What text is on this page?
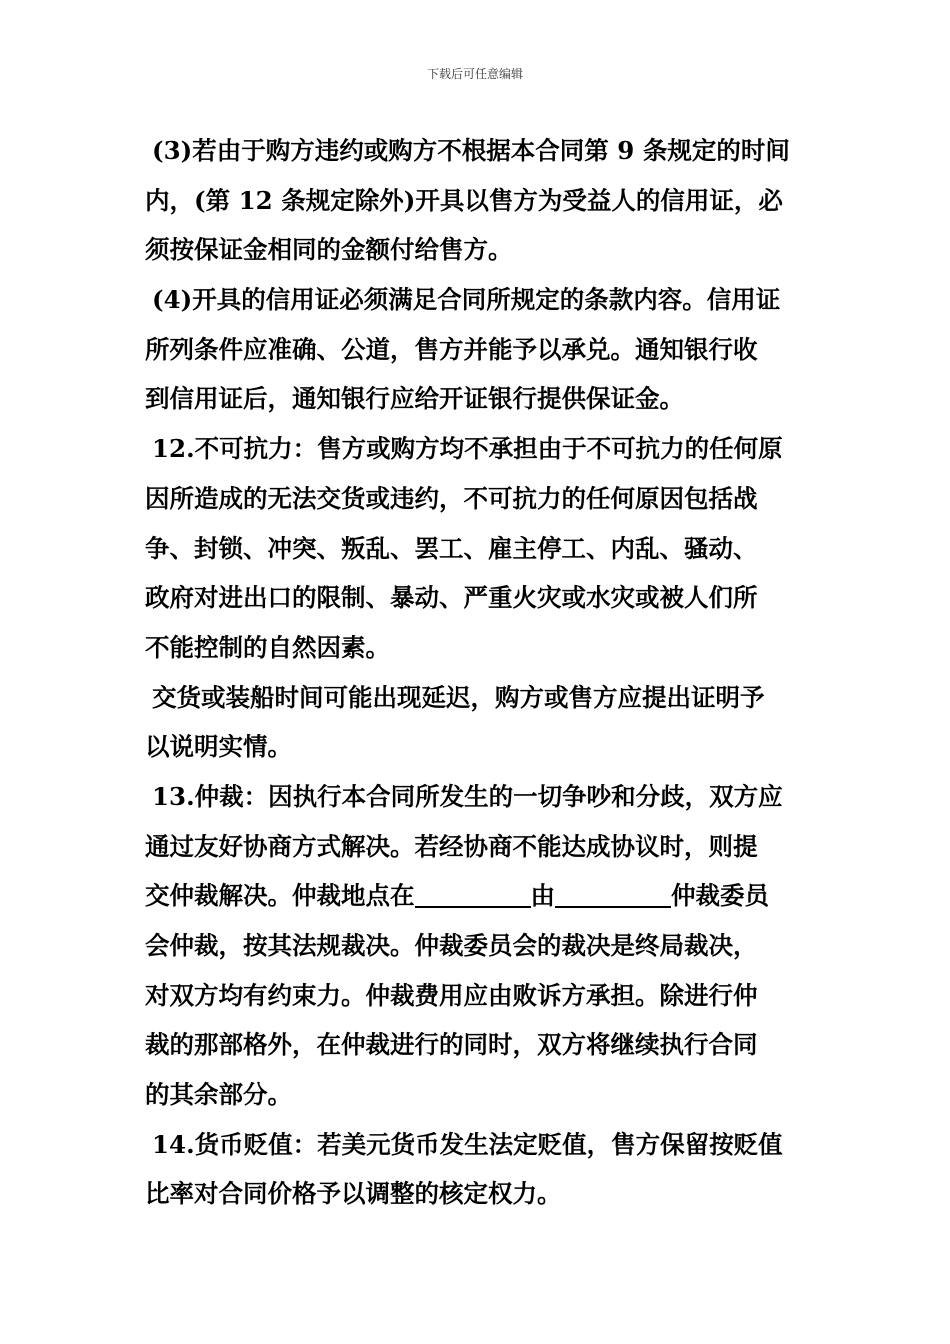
下载后可任意编辑

(3)若由于购方违约或购方不根据本合同第 9 条规定的时间
内，(第 12 条规定除外)开具以售方为受益人的信用证，必
须按保证金相同的金额付给售方。

(4)开具的信用证必须满足合同所规定的条款内容。信用证
所列条件应准确、公道，售方并能予以承兑。通知银行收
到信用证后，通知银行应给开证银行提供保证金。

12.不可抗力：售方或购方均不承担由于不可抗力的任何原
因所造成的无法交货或违约，不可抗力的任何原因包括战
争、封锁、冲突、叛乱、罢工、雇主停工、内乱、骚动、
政府对进出口的限制、暴动、严重火灾或水灾或被人们所
不能控制的自然因素。

交货或装船时间可能出现延迟，购方或售方应提出证明予
以说明实情。

13.仲裁：因执行本合同所发生的一切争吵和分歧，双方应
通过友好协商方式解决。若经协商不能达成协议时，则提
交仲裁解决。仲裁地点在	由	仲裁委员
会仲裁，按其法规裁决。仲裁委员会的裁决是终局裁决，
对双方均有约束力。仲裁费用应由败诉方承担。除进行仲
裁的那部格外，在仲裁进行的同时，双方将继续执行合同
的其余部分。

14.货币贬值：若美元货币发生法定贬值，售方保留按贬值
比率对合同价格予以调整的核定权力。
